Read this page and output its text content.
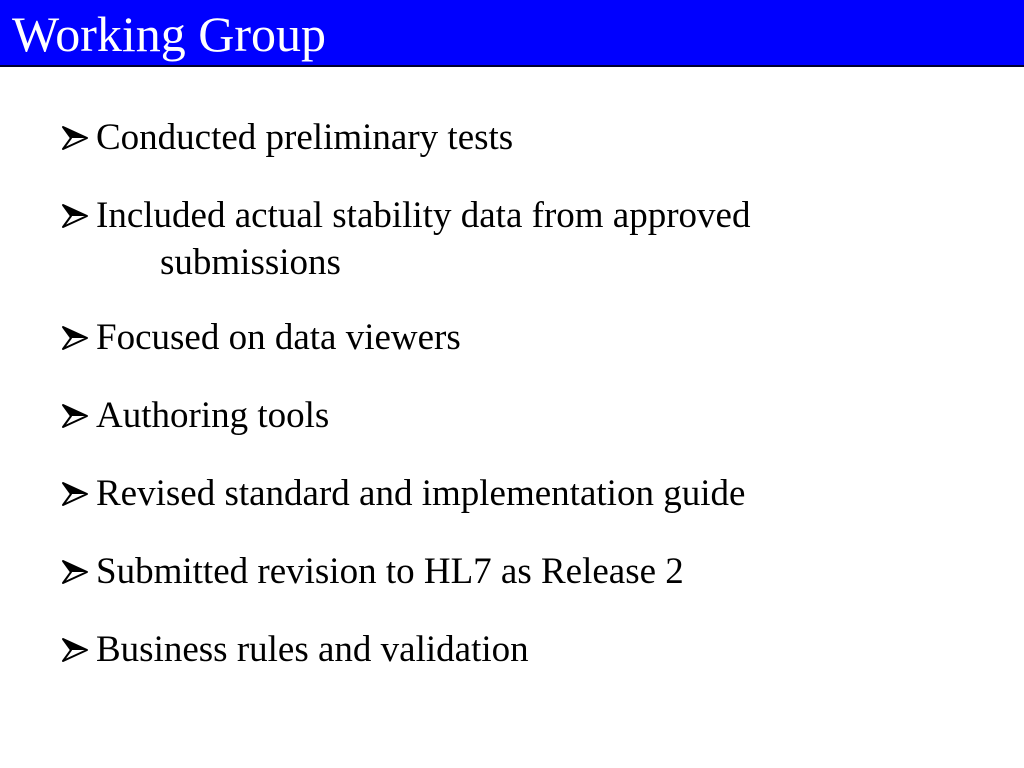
Working Group
Conducted preliminary tests
Included actual stability data from approved
submissions
Focused on data viewers
Authoring tools
Revised standard and implementation guide
Submitted revision to HL7 as Release 2
Business rules and validation
